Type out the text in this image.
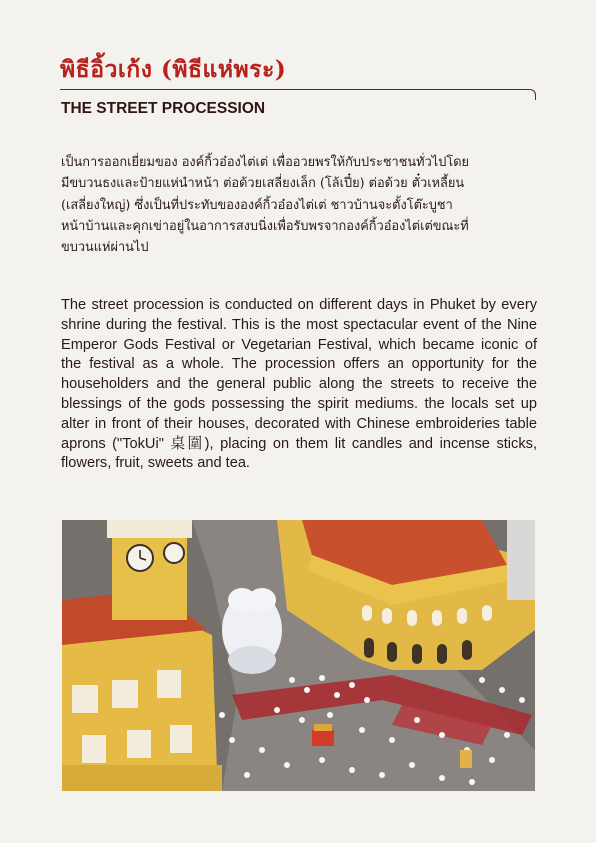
พิธีอิ้วเก้ง (พิธีแห่พระ)
THE STREET PROCESSION
เป็นการออกเยี่ยมของ องค์กิ้วอ๋องไต่เต่ เพื่ออวยพรให้กับประชาชนทั่วไปโดย
มีขบวนธงและป้ายแห่นำหน้า ต่อด้วยเสลี่ยงเล็ก (โล้เปี๋ย) ต่อด้วย ตั๋วเหลี้ยน
(เสลี่ยงใหญ่) ซึ่งเป็นที่ประทับขององค์กิ้วอ๋องไต่เต่ ชาวบ้านจะตั้งโต๊ะบูชา
หน้าบ้านและคุกเข่าอยู่ในอาการสงบนิ่งเพื่อรับพรจากองค์กิ้วอ๋องไต่เต่ขณะที่
ขบวนแห่ผ่านไป
The street procession is conducted on different days in Phuket by every shrine during the festival. This is the most spectacular event of the Nine Emperor Gods Festival or Vegetarian Festival, which became iconic of the festival as a whole. The procession offers an opportunity for the householders and the general public along the streets to receive the blessings of the gods possessing the spirit mediums. the locals set up alter in front of their houses, decorated with Chinese embroideries table aprons ("TokUi" 桌圍), placing on them lit candles and incense sticks, flowers, fruit, sweets and tea.
